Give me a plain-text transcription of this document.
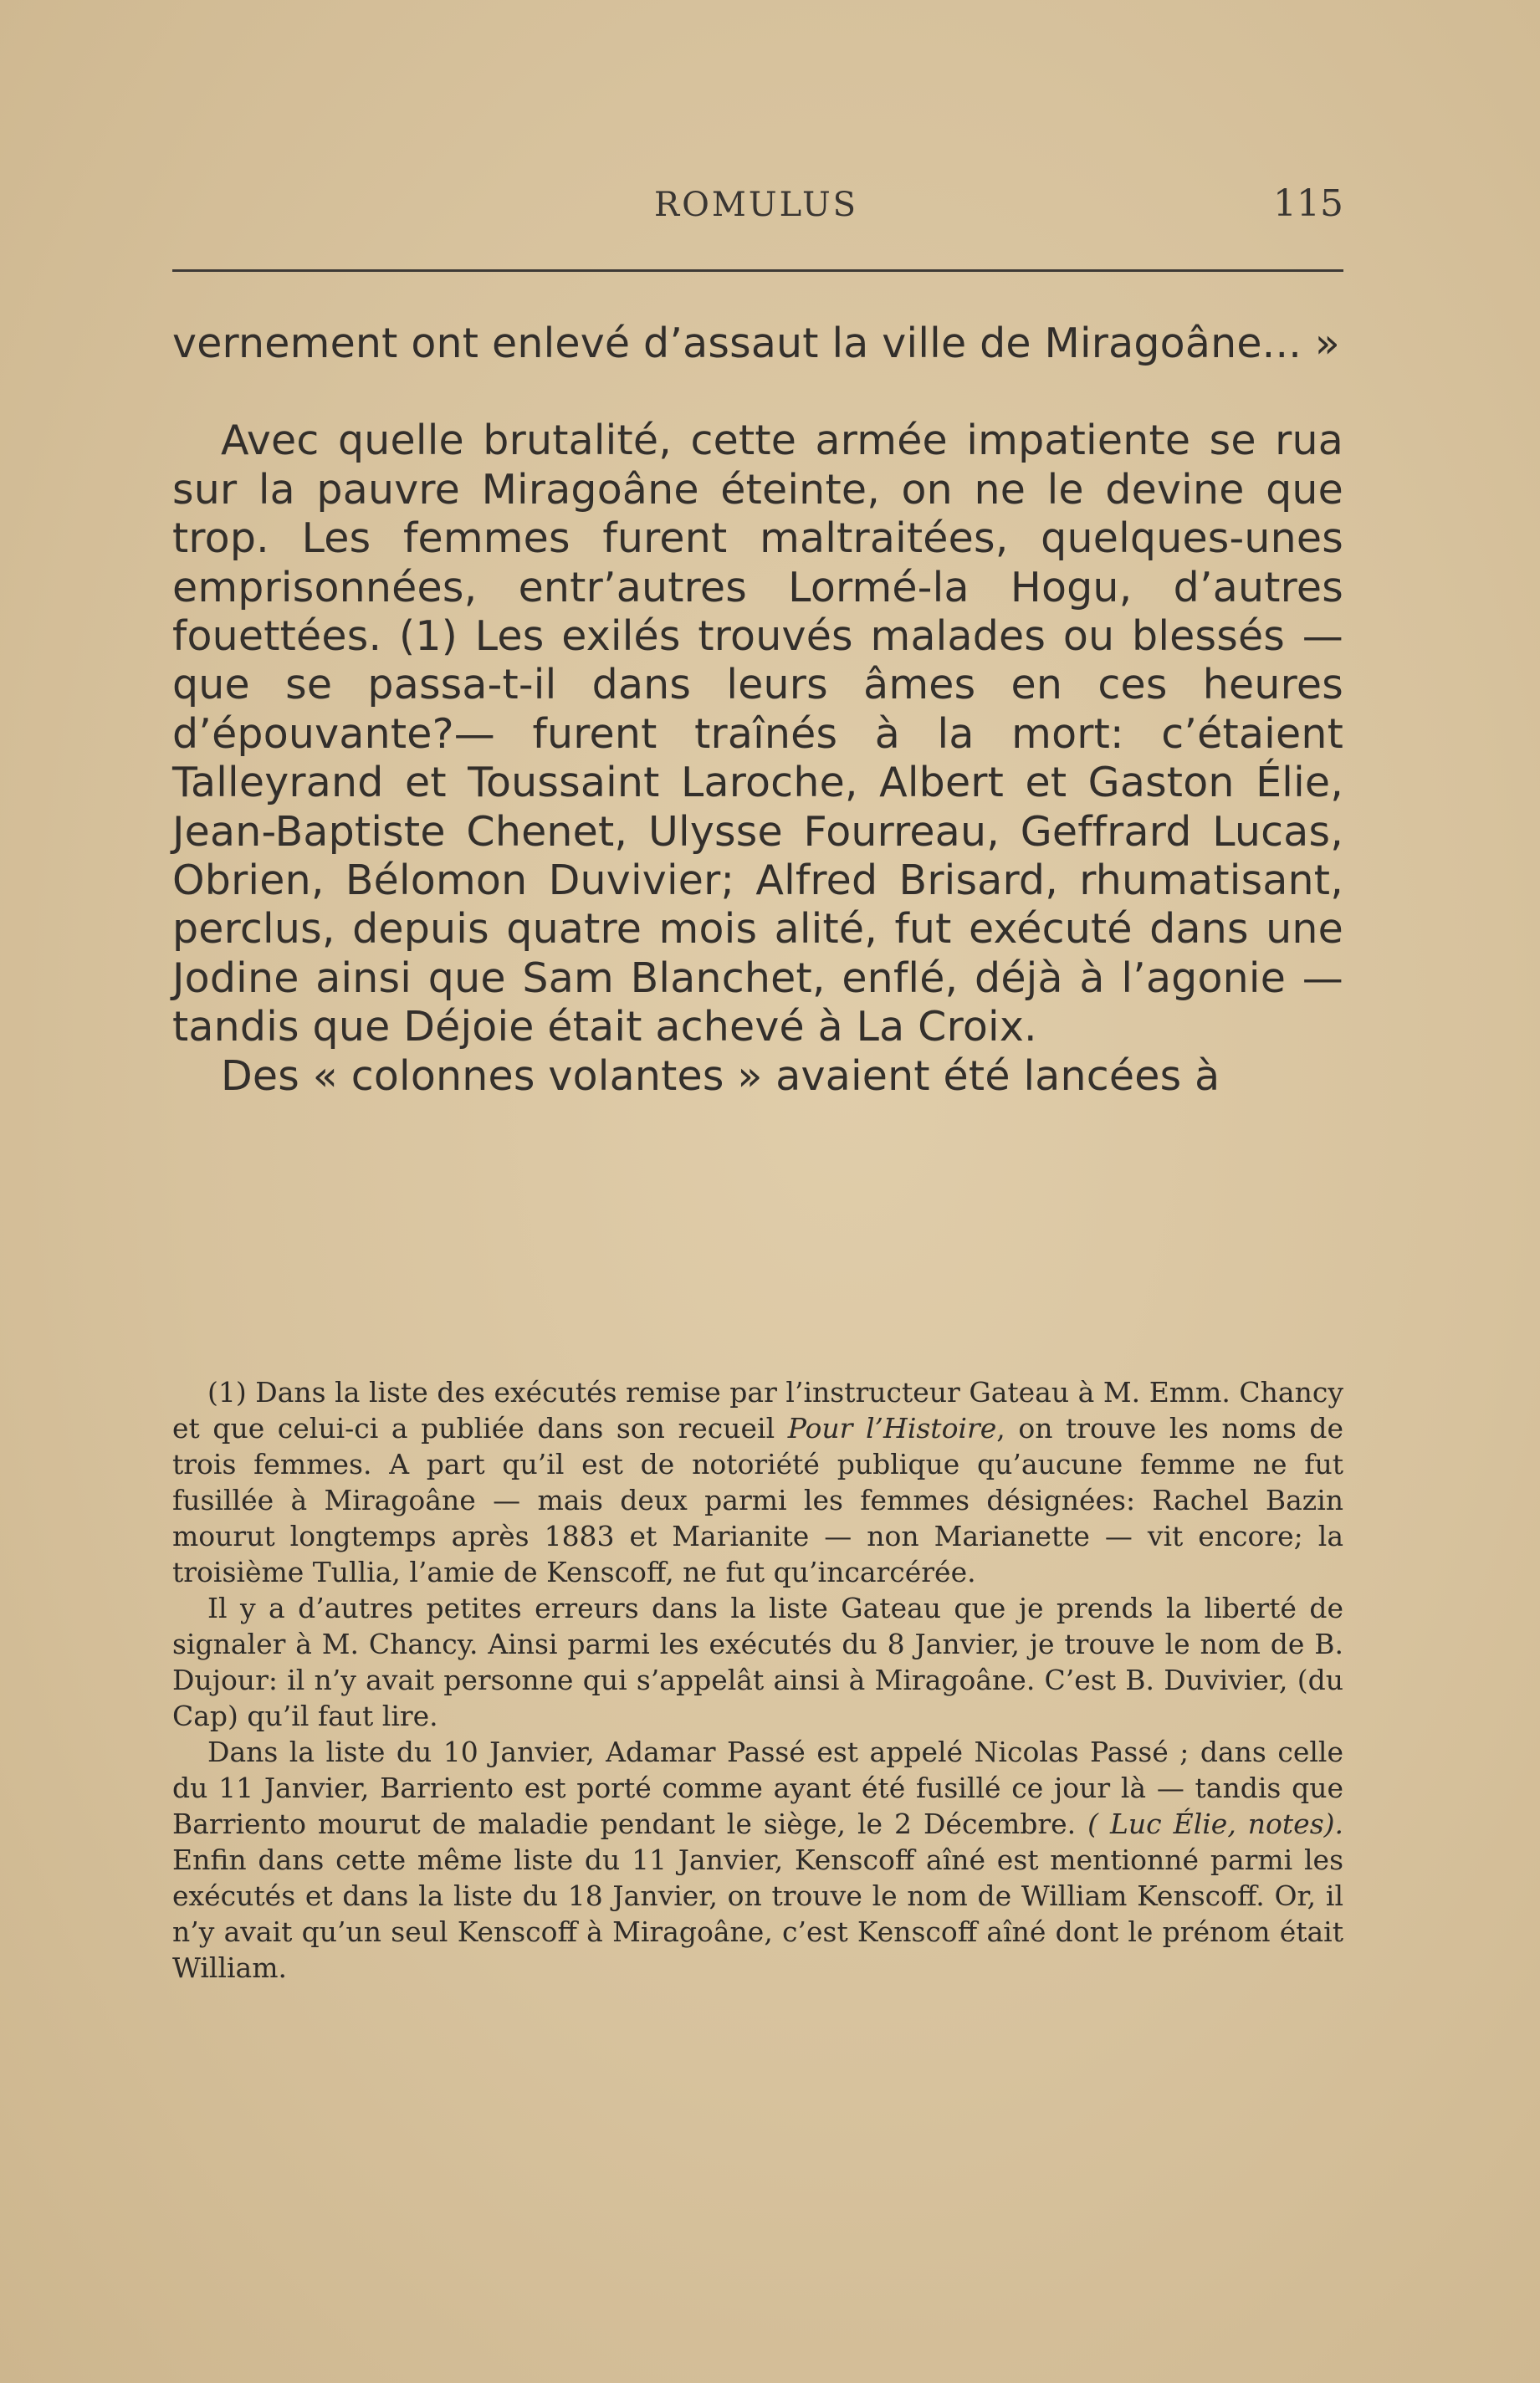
ROMULUS	115

vernement ont enlevé d’assaut la ville de Miragoâne... »

Avec quelle brutalité, cette armée impatiente se rua sur la pauvre Miragoâne éteinte, on ne le devine que trop. Les femmes furent maltraitées, quelques-unes emprisonnées, entr’autres Lormé-la Hogu, d’autres fouettées. (1) Les exilés trouvés malades ou blessés — que se passa-t-il dans leurs âmes en ces heures d’épouvante?— furent traînés à la mort: c’étaient Talleyrand et Toussaint Laroche, Albert et Gaston Élie, Jean-Baptiste Chenet, Ulysse Fourreau, Geffrard Lucas, Obrien, Bélomon Duvivier; Alfred Brisard, rhumatisant, perclus, depuis quatre mois alité, fut exécuté dans une Jodine ainsi que Sam Blanchet, enflé, déjà à l’agonie — tandis que Déjoie était achevé à La Croix.

Des « colonnes volantes » avaient été lancées à

(1) Dans la liste des exécutés remise par l’instructeur Gateau à M. Emm. Chancy et que celui-ci a publiée dans son recueil Pour l’Histoire, on trouve les noms de trois femmes. A part qu’il est de notoriété publique qu’aucune femme ne fut fusillée à Miragoâne — mais deux parmi les femmes désignées: Rachel Bazin mourut longtemps après 1883 et Marianite — non Marianette — vit encore; la troisième Tullia, l’amie de Kenscoff, ne fut qu’incarcérée.

Il y a d’autres petites erreurs dans la liste Gateau que je prends la liberté de signaler à M. Chancy. Ainsi parmi les exécutés du 8 Janvier, je trouve le nom de B. Dujour: il n’y avait personne qui s’appelât ainsi à Miragoâne. C’est B. Duvivier, (du Cap) qu’il faut lire.

Dans la liste du 10 Janvier, Adamar Passé est appelé Nicolas Passé ; dans celle du 11 Janvier, Barriento est porté comme ayant été fusillé ce jour là — tandis que Barriento mourut de maladie pendant le siège, le 2 Décembre. ( Luc Élie, notes). Enfin dans cette même liste du 11 Janvier, Kenscoff aîné est mentionné parmi les exécutés et dans la liste du 18 Janvier, on trouve le nom de William Kenscoff. Or, il n’y avait qu’un seul Kenscoff à Miragoâne, c’est Kenscoff aîné dont le prénom était William.
